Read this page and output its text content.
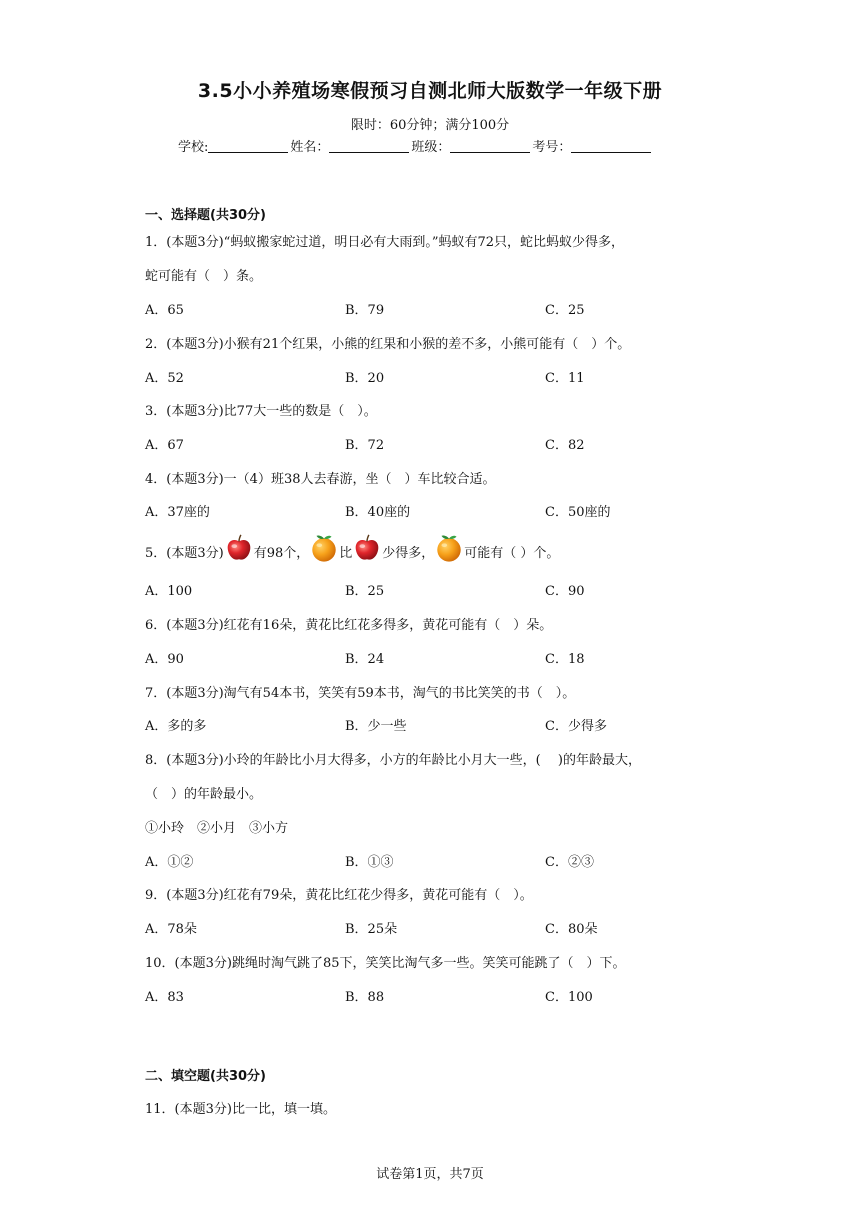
3.5小小养殖场寒假预习自测北师大版数学一年级下册
限时：60分钟；满分100分
学校:	姓名：	班级：	考号：
一、选择题(共30分)
1．(本题3分)“蚂蚁搬家蛇过道，明日必有大雨到。”蚂蚁有72只，蛇比蚂蚁少得多，
蛇可能有（　）条。
A．65	B．79	C．25
2．(本题3分)小猴有21个红果，小熊的红果和小猴的差不多，小熊可能有（　）个。
A．52	B．20	C．11
3．(本题3分)比77大一些的数是（　）。
A．67	B．72	C．82
4．(本题3分)一（4）班38人去春游，坐（　）车比较合适。
A．37座的	B．40座的	C．50座的
5．(本题3分) 有98个， 比 少得多， 可能有（ ）个。
A．100	B．25	C．90
6．(本题3分)红花有16朵，黄花比红花多得多，黄花可能有（　）朵。
A．90	B．24	C．18
7．(本题3分)淘气有54本书，笑笑有59本书，淘气的书比笑笑的书（　）。
A．多的多	B．少一些	C．少得多
8．(本题3分)小玲的年龄比小月大得多，小方的年龄比小月大一些，(　 )的年龄最大，
（　）的年龄最小。
①小玲　②小月　③小方
A．①②	B．①③	C．②③
9．(本题3分)红花有79朵，黄花比红花少得多，黄花可能有（　）。
A．78朵	B．25朵	C．80朵
10．(本题3分)跳绳时淘气跳了85下，笑笑比淘气多一些。笑笑可能跳了（　）下。
A．83	B．88	C．100
二、填空题(共30分)
11．(本题3分)比一比，填一填。
试卷第1页，共7页
